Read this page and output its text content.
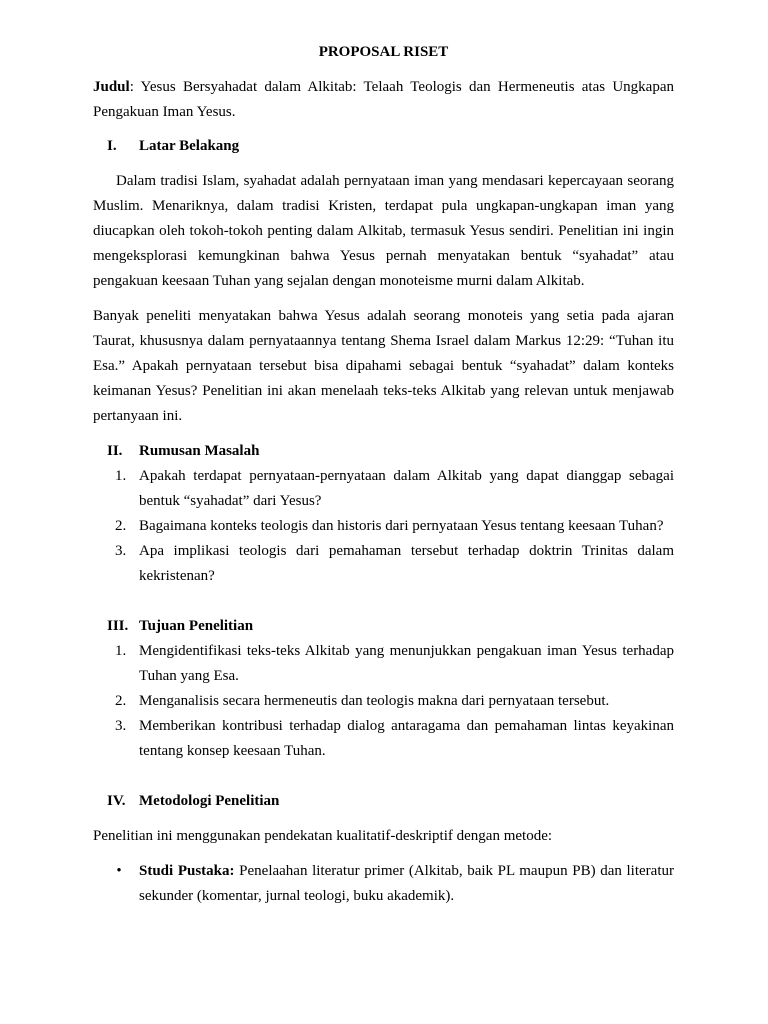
PROPOSAL RISET

Judul: Yesus Bersyahadat dalam Alkitab: Telaah Teologis dan Hermeneutis atas Ungkapan Pengakuan Iman Yesus.

I.	Latar Belakang

Dalam tradisi Islam, syahadat adalah pernyataan iman yang mendasari kepercayaan seorang Muslim. Menariknya, dalam tradisi Kristen, terdapat pula ungkapan-ungkapan iman yang diucapkan oleh tokoh-tokoh penting dalam Alkitab, termasuk Yesus sendiri. Penelitian ini ingin mengeksplorasi kemungkinan bahwa Yesus pernah menyatakan bentuk “syahadat” atau pengakuan keesaan Tuhan yang sejalan dengan monoteisme murni dalam Alkitab.

Banyak peneliti menyatakan bahwa Yesus adalah seorang monoteis yang setia pada ajaran Taurat, khususnya dalam pernyataannya tentang Shema Israel dalam Markus 12:29: “Tuhan itu Esa.” Apakah pernyataan tersebut bisa dipahami sebagai bentuk “syahadat” dalam konteks keimanan Yesus? Penelitian ini akan menelaah teks-teks Alkitab yang relevan untuk menjawab pertanyaan ini.

II.	Rumusan Masalah
1. Apakah terdapat pernyataan-pernyataan dalam Alkitab yang dapat dianggap sebagai bentuk “syahadat” dari Yesus?
2. Bagaimana konteks teologis dan historis dari pernyataan Yesus tentang keesaan Tuhan?
3. Apa implikasi teologis dari pemahaman tersebut terhadap doktrin Trinitas dalam kekristenan?
III. Tujuan Penelitian
1. Mengidentifikasi teks-teks Alkitab yang menunjukkan pengakuan iman Yesus terhadap Tuhan yang Esa.
2. Menganalisis secara hermeneutis dan teologis makna dari pernyataan tersebut.
3. Memberikan kontribusi terhadap dialog antaragama dan pemahaman lintas keyakinan tentang konsep keesaan Tuhan.
IV. Metodologi Penelitian

Penelitian ini menggunakan pendekatan kualitatif-deskriptif dengan metode:

•	Studi Pustaka: Penelaahan literatur primer (Alkitab, baik PL maupun PB) dan literatur sekunder (komentar, jurnal teologi, buku akademik).
